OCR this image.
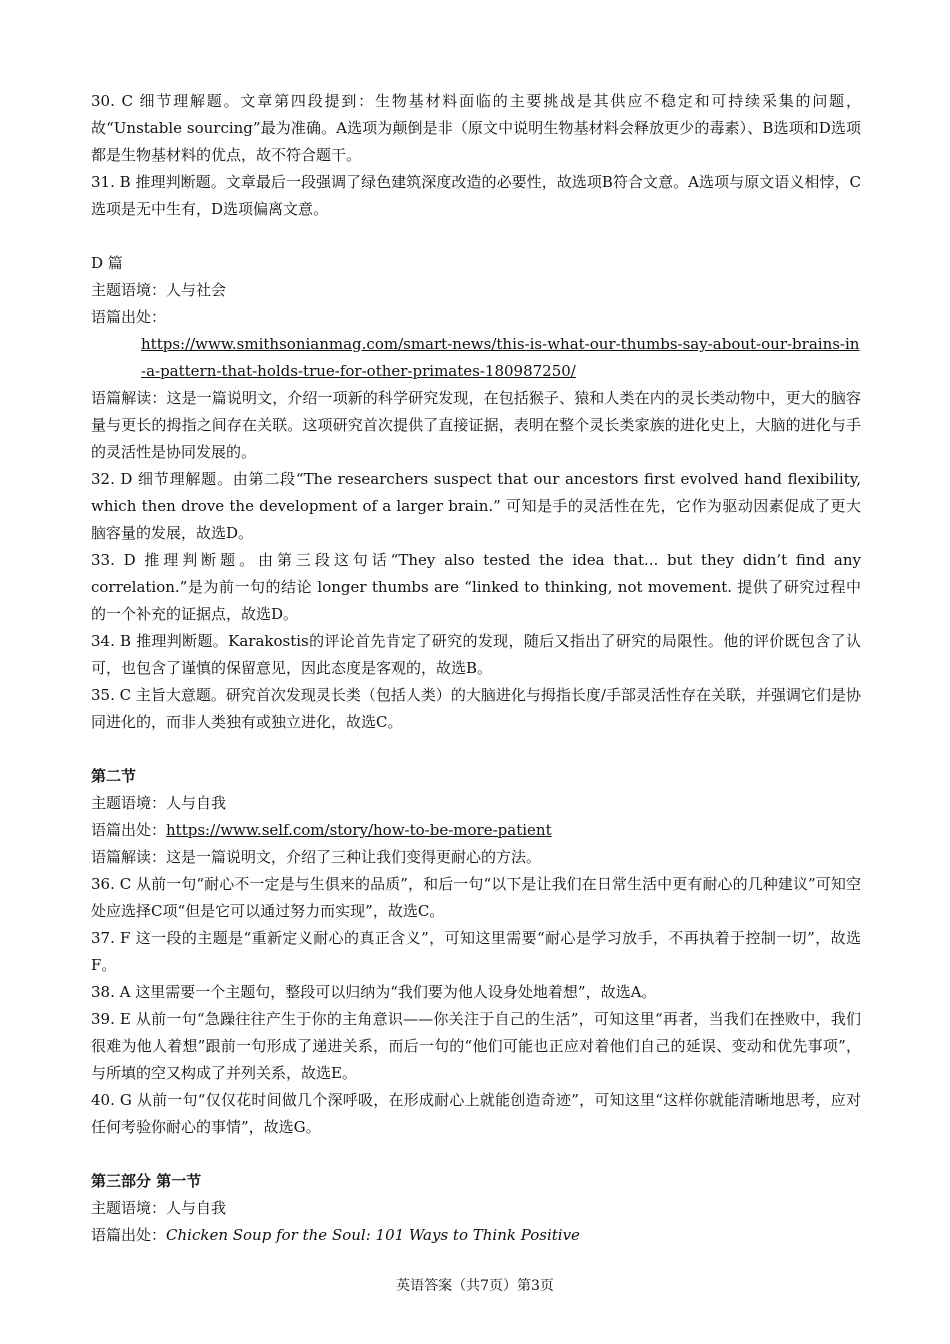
30. C 细节理解题。文章第四段提到：生物基材料面临的主要挑战是其供应不稳定和可持续采集的问题，故“Unstable sourcing”最为准确。A选项为颠倒是非（原文中说明生物基材料会释放更少的毒素）、B选项和D选项都是生物基材料的优点，故不符合题干。

31. B 推理判断题。文章最后一段强调了绿色建筑深度改造的必要性，故选项B符合文意。A选项与原文语义相悖，C选项是无中生有，D选项偏离文意。

D 篇

主题语境：人与社会

语篇出处：

https://www.smithsonianmag.com/smart-news/this-is-what-our-thumbs-say-about-our-brains-in-a-pattern-that-holds-true-for-other-primates-180987250/

语篇解读：这是一篇说明文，介绍一项新的科学研究发现，在包括猴子、猿和人类在内的灵长类动物中，更大的脑容量与更长的拇指之间存在关联。这项研究首次提供了直接证据，表明在整个灵长类家族的进化史上，大脑的进化与手的灵活性是协同发展的。

32. D 细节理解题。由第二段“The researchers suspect that our ancestors first evolved hand flexibility, which then drove the development of a larger brain.” 可知是手的灵活性在先，它作为驱动因素促成了更大脑容量的发展，故选D。

33. D 推理判断题。由第三段这句话“They also tested the idea that... but they didn’t find any correlation.”是为前一句的结论 longer thumbs are “linked to thinking, not movement. 提供了研究过程中的一个补充的证据点，故选D。

34. B 推理判断题。Karakostis的评论首先肯定了研究的发现，随后又指出了研究的局限性。他的评价既包含了认可，也包含了谨慎的保留意见，因此态度是客观的，故选B。

35. C 主旨大意题。研究首次发现灵长类（包括人类）的大脑进化与拇指长度/手部灵活性存在关联，并强调它们是协同进化的，而非人类独有或独立进化，故选C。

第二节

主题语境：人与自我

语篇出处：https://www.self.com/story/how-to-be-more-patient

语篇解读：这是一篇说明文，介绍了三种让我们变得更耐心的方法。

36. C 从前一句“耐心不一定是与生俱来的品质”，和后一句“以下是让我们在日常生活中更有耐心的几种建议”可知空处应选择C项“但是它可以通过努力而实现”，故选C。

37. F 这一段的主题是“重新定义耐心的真正含义”，可知这里需要“耐心是学习放手，不再执着于控制一切”，故选F。

38. A 这里需要一个主题句，整段可以归纳为“我们要为他人设身处地着想”，故选A。

39. E 从前一句“急躁往往产生于你的主角意识——你关注于自己的生活”，可知这里“再者，当我们在挫败中，我们很难为他人着想”跟前一句形成了递进关系，而后一句的“他们可能也正应对着他们自己的延误、变动和优先事项”，与所填的空又构成了并列关系，故选E。

40. G 从前一句“仅仅花时间做几个深呼吸，在形成耐心上就能创造奇迹”，可知这里“这样你就能清晰地思考，应对任何考验你耐心的事情”，故选G。

第三部分 第一节

主题语境：人与自我

语篇出处：Chicken Soup for the Soul: 101 Ways to Think Positive

英语答案（共7页）第3页
